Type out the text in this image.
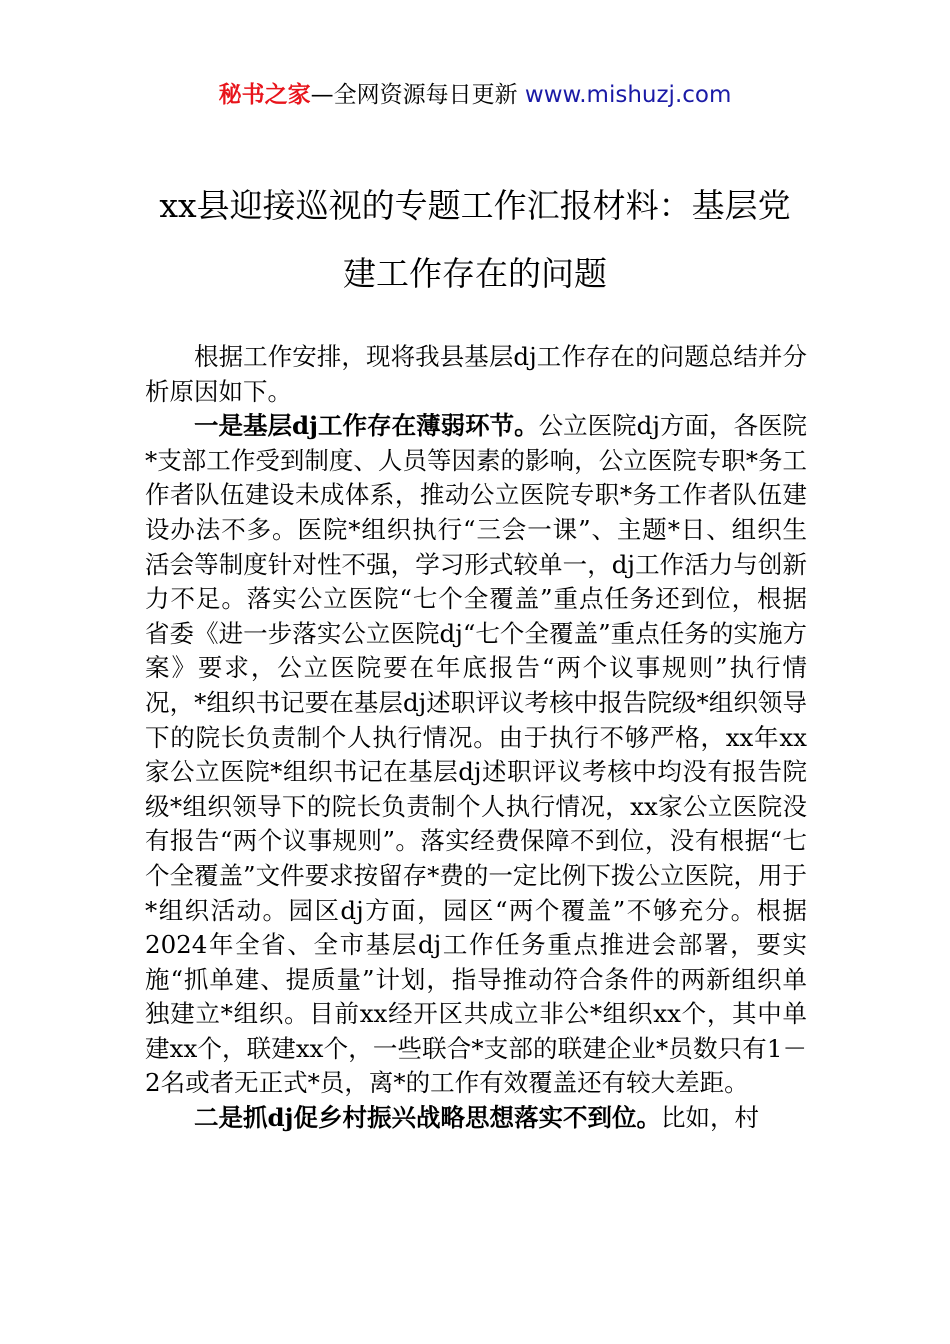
秘书之家—全网资源每日更新 www.mishuzj.com
xx县迎接巡视的专题工作汇报材料：基层党建工作存在的问题

根据工作安排，现将我县基层dj工作存在的问题总结并分析原因如下。

一是基层dj工作存在薄弱环节。公立医院dj方面，各医院*支部工作受到制度、人员等因素的影响，公立医院专职*务工作者队伍建设未成体系，推动公立医院专职*务工作者队伍建设办法不多。医院*组织执行“三会一课”、主题*日、组织生活会等制度针对性不强，学习形式较单一，dj工作活力与创新力不足。落实公立医院“七个全覆盖”重点任务还到位，根据省委《进一步落实公立医院dj“七个全覆盖”重点任务的实施方案》要求，公立医院要在年底报告“两个议事规则”执行情况，*组织书记要在基层dj述职评议考核中报告院级*组织领导下的院长负责制个人执行情况。由于执行不够严格，xx年xx家公立医院*组织书记在基层dj述职评议考核中均没有报告院级*组织领导下的院长负责制个人执行情况，xx家公立医院没有报告“两个议事规则”。落实经费保障不到位，没有根据“七个全覆盖”文件要求按留存*费的一定比例下拨公立医院，用于*组织活动。园区dj方面，园区“两个覆盖”不够充分。根据2024年全省、全市基层dj工作任务重点推进会部署，要实施“抓单建、提质量”计划，指导推动符合条件的两新组织单独建立*组织。目前xx经开区共成立非公*组织xx个，其中单建xx个，联建xx个，一些联合*支部的联建企业*员数只有1－2名或者无正式*员，离*的工作有效覆盖还有较大差距。

二是抓dj促乡村振兴战略思想落实不到位。比如，村
